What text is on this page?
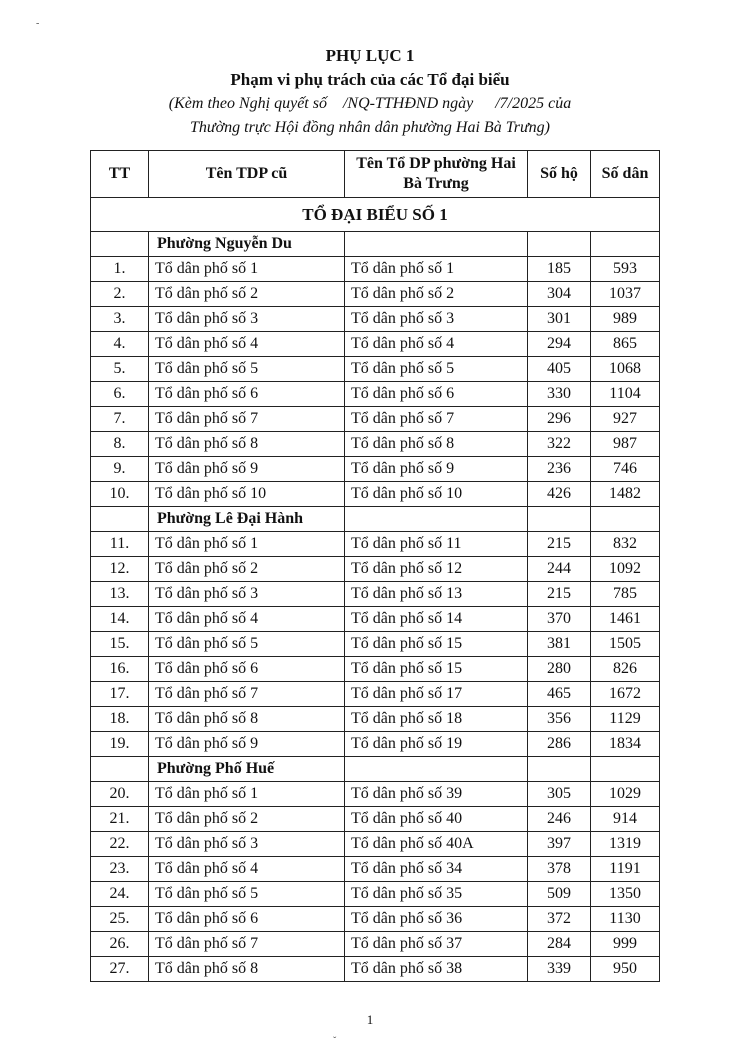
-
PHỤ LỤC 1
Phạm vi phụ trách của các Tổ đại biểu
(Kèm theo Nghị quyết số /NQ-TTHĐND ngày /7/2025 của
Thường trực Hội đồng nhân dân phường Hai Bà Trưng)
TT	Tên TDP cũ	Tên Tổ DP phường Hai Bà Trưng	Số hộ	Số dân
TỔ ĐẠI BIỂU SỐ 1				
	Phường Nguyễn Du			
1.	Tổ dân phố số 1	Tổ dân phố số 1	185	593
2.	Tổ dân phố số 2	Tổ dân phố số 2	304	1037
3.	Tổ dân phố số 3	Tổ dân phố số 3	301	989
4.	Tổ dân phố số 4	Tổ dân phố số 4	294	865
5.	Tổ dân phố số 5	Tổ dân phố số 5	405	1068
6.	Tổ dân phố số 6	Tổ dân phố số 6	330	1104
7.	Tổ dân phố số 7	Tổ dân phố số 7	296	927
8.	Tổ dân phố số 8	Tổ dân phố số 8	322	987
9.	Tổ dân phố số 9	Tổ dân phố số 9	236	746
10.	Tổ dân phố số 10	Tổ dân phố số 10	426	1482
	Phường Lê Đại Hành			
11.	Tổ dân phố số 1	Tổ dân phố số 11	215	832
12.	Tổ dân phố số 2	Tổ dân phố số 12	244	1092
13.	Tổ dân phố số 3	Tổ dân phố số 13	215	785
14.	Tổ dân phố số 4	Tổ dân phố số 14	370	1461
15.	Tổ dân phố số 5	Tổ dân phố số 15	381	1505
16.	Tổ dân phố số 6	Tổ dân phố số 15	280	826
17.	Tổ dân phố số 7	Tổ dân phố số 17	465	1672
18.	Tổ dân phố số 8	Tổ dân phố số 18	356	1129
19.	Tổ dân phố số 9	Tổ dân phố số 19	286	1834
	Phường Phố Huế			
20.	Tổ dân phố số 1	Tổ dân phố số 39	305	1029
21.	Tổ dân phố số 2	Tổ dân phố số 40	246	914
22.	Tổ dân phố số 3	Tổ dân phố số 40A	397	1319
23.	Tổ dân phố số 4	Tổ dân phố số 34	378	1191
24.	Tổ dân phố số 5	Tổ dân phố số 35	509	1350
25.	Tổ dân phố số 6	Tổ dân phố số 36	372	1130
26.	Tổ dân phố số 7	Tổ dân phố số 37	284	999
27.	Tổ dân phố số 8	Tổ dân phố số 38	339	950
1
ˇ
